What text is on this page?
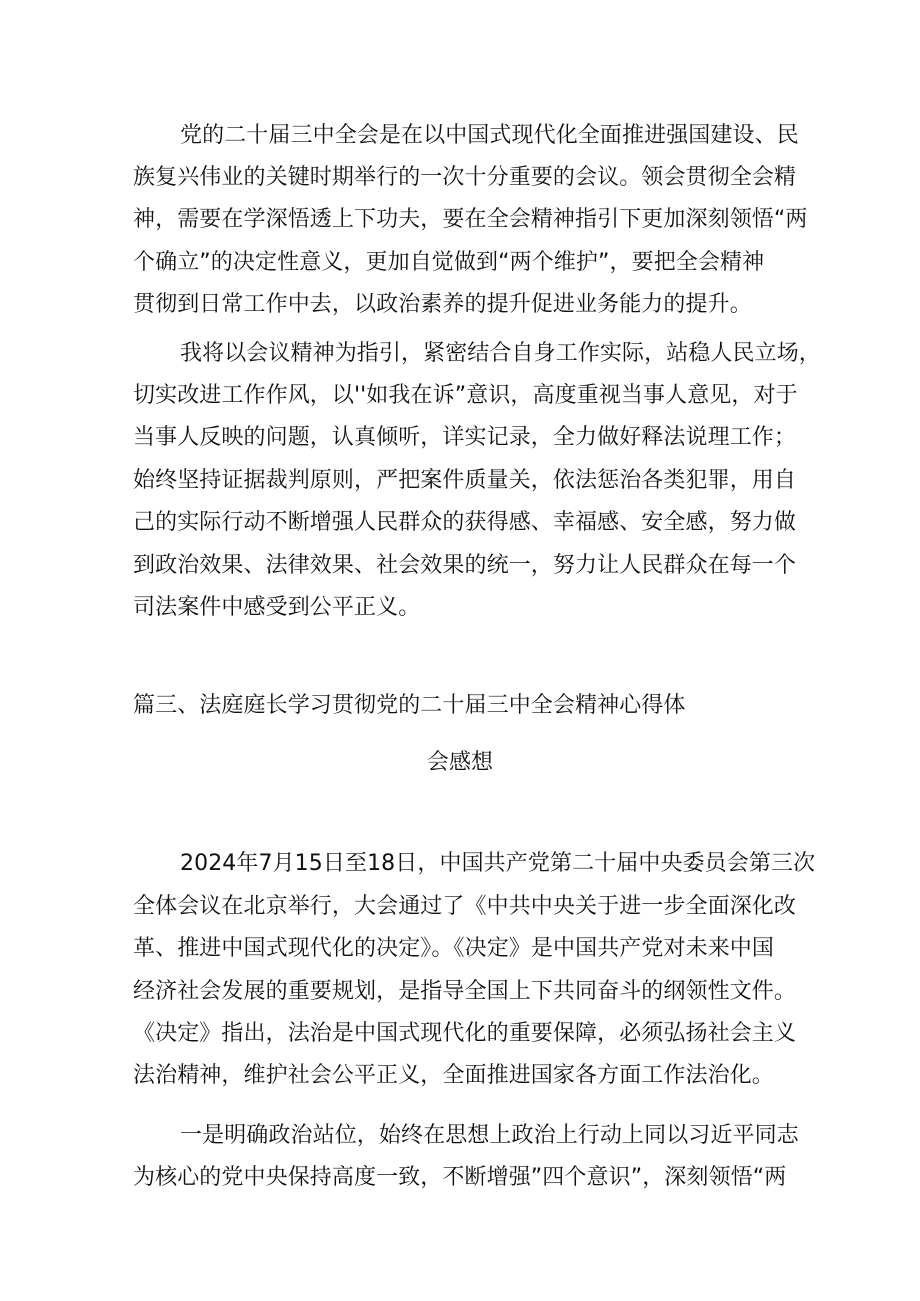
党的二十届三中全会是在以中国式现代化全面推进强国建设、民
族复兴伟业的关键时期举行的一次十分重要的会议。领会贯彻全会精
神，需要在学深悟透上下功夫，要在全会精神指引下更加深刻领悟“两
个确立”的决定性意义，更加自觉做到“两个维护”，要把全会精神
贯彻到日常工作中去，以政治素养的提升促进业务能力的提升。
我将以会议精神为指引，紧密结合自身工作实际，站稳人民立场，
切实改进工作作风，以''如我在诉”意识，高度重视当事人意见，对于
当事人反映的问题，认真倾听，详实记录，全力做好释法说理工作；
始终坚持证据裁判原则，严把案件质量关，依法惩治各类犯罪，用自
己的实际行动不断增强人民群众的获得感、幸福感、安全感，努力做
到政治效果、法律效果、社会效果的统一，努力让人民群众在每一个
司法案件中感受到公平正义。
篇三、法庭庭长学习贯彻党的二十届三中全会精神心得体
会感想
2024年7月15日至18日，中国共产党第二十届中央委员会第三次
全体会议在北京举行，大会通过了《中共中央关于进一步全面深化改
革、推进中国式现代化的决定》。《决定》是中国共产党对未来中国
经济社会发展的重要规划，是指导全国上下共同奋斗的纲领性文件。
《决定》指出，法治是中国式现代化的重要保障，必须弘扬社会主义
法治精神，维护社会公平正义，全面推进国家各方面工作法治化。
一是明确政治站位，始终在思想上政治上行动上同以习近平同志
为核心的党中央保持高度一致，不断增强”四个意识”，深刻领悟“两
